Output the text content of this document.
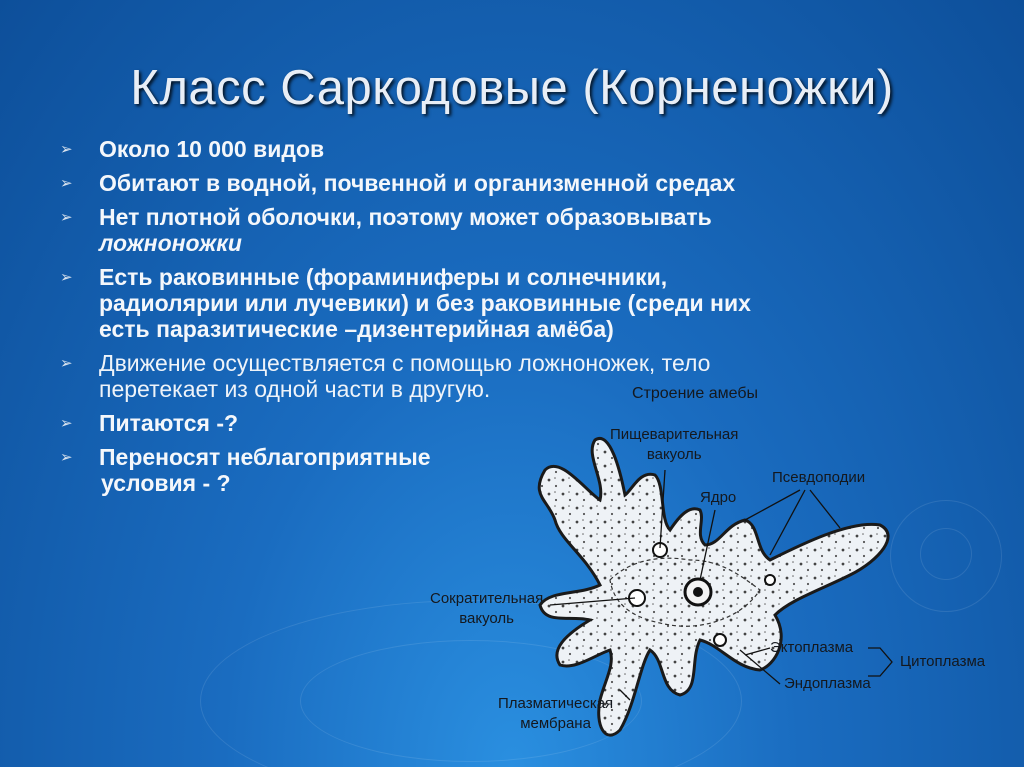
Класс Саркодовые (Корненожки)
➢ Около 10 000 видов
➢ Обитают в водной, почвенной и организменной средах
➢ Нет плотной оболочки, поэтому может образовывать
ложноножки
➢ Есть раковинные (фораминиферы и солнечники,
радиолярии или лучевики) и без раковинные (среди них
есть паразитические –дизентерийная амёба)
➢ Движение осуществляется с помощью ложноножек, тело
перетекает из одной части в другую.
➢ Питаются -?
➢ Переносят неблагоприятные
условия - ?
Строение амебы
Пищеварительная
вакуоль
Ядро
Псевдоподии
Сократительная
вакуоль
Эктоплазма
Цитоплазма
Эндоплазма
Плазматическая
мембрана
